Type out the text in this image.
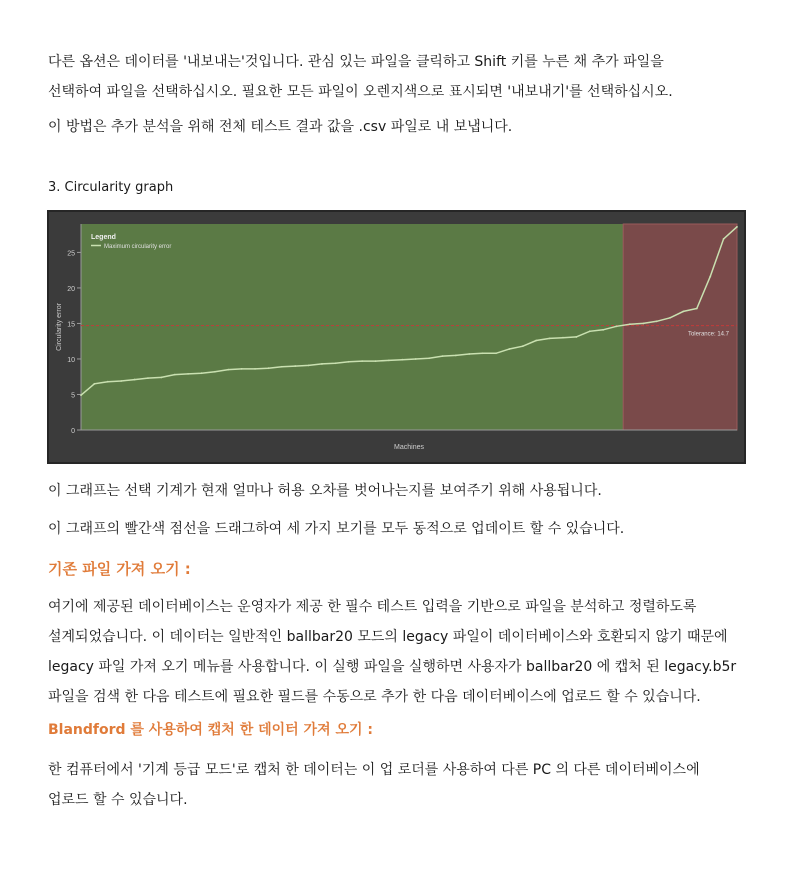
다른 옵션은 데이터를 '내보내는'것입니다. 관심 있는 파일을 클릭하고 Shift 키를 누른 채 추가 파일을
선택하여 파일을 선택하십시오. 필요한 모든 파일이 오렌지색으로 표시되면 '내보내기'를 선택하십시오.
이 방법은 추가 분석을 위해 전체 테스트 결과 값을 .csv 파일로 내 보냅니다.

3. Circularity graph

0
5
10
15
20
25
Tolerance: 14.7
Machines
Circularity error
Legend
Maximum circularity error
이 그래프는 선택 기계가 현재 얼마나 허용 오차를 벗어나는지를 보여주기 위해 사용됩니다.
이 그래프의 빨간색 점선을 드래그하여 세 가지 보기를 모두 동적으로 업데이트 할 수 있습니다.
기존 파일 가져 오기 :
여기에 제공된 데이터베이스는 운영자가 제공 한 필수 테스트 입력을 기반으로 파일을 분석하고 정렬하도록
설계되었습니다. 이 데이터는 일반적인 ballbar20 모드의 legacy 파일이 데이터베이스와 호환되지 않기 때문에
legacy 파일 가져 오기 메뉴를 사용합니다. 이 실행 파일을 실행하면 사용자가 ballbar20 에 캡처 된 legacy.b5r
파일을 검색 한 다음 테스트에 필요한 필드를 수동으로 추가 한 다음 데이터베이스에 업로드 할 수 있습니다.
Blandford 를 사용하여 캡처 한 데이터 가져 오기 :
한 컴퓨터에서 '기계 등급 모드'로 캡처 한 데이터는 이 업 로더를 사용하여 다른 PC 의 다른 데이터베이스에
업로드 할 수 있습니다.
